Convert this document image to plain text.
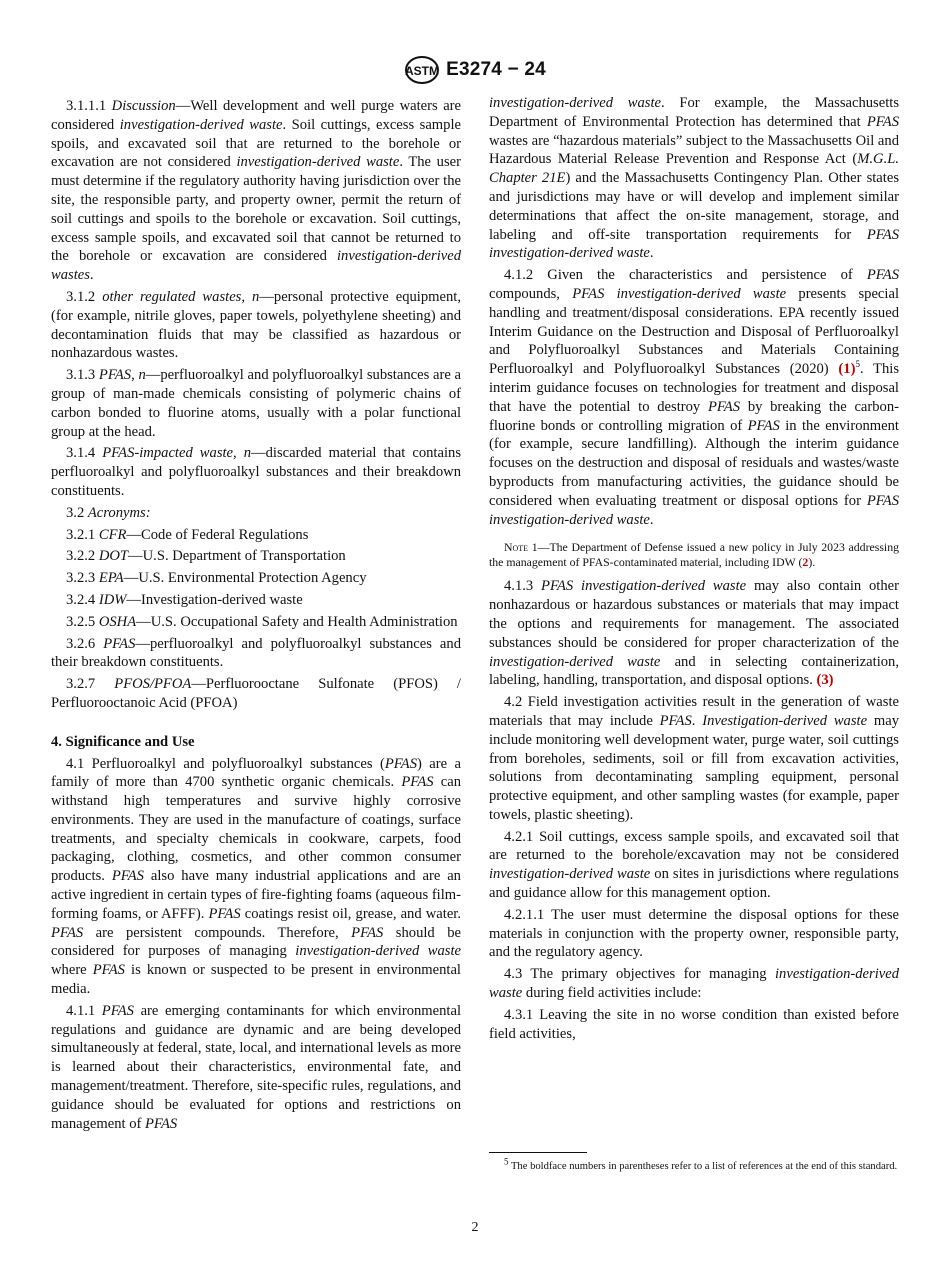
ASTM E3274 − 24

3.1.1.1 Discussion—Well development and well purge waters are considered investigation-derived waste. Soil cuttings, excess sample spoils, and excavated soil that are returned to the borehole or excavation are not considered investigation-derived waste. The user must determine if the regulatory authority having jurisdiction over the site, the responsible party, and property owner, permit the return of soil cuttings and spoils to the borehole or excavation. Soil cuttings, excess sample spoils, and excavated soil that cannot be returned to the borehole or excavation are considered investigation-derived wastes.

3.1.2 other regulated wastes, n—personal protective equipment, (for example, nitrile gloves, paper towels, polyethylene sheeting) and decontamination fluids that may be classified as hazardous or nonhazardous wastes.

3.1.3 PFAS, n—perfluoroalkyl and polyfluoroalkyl substances are a group of man-made chemicals consisting of polymeric chains of carbon bonded to fluorine atoms, usually with a polar functional group at the head.

3.1.4 PFAS-impacted waste, n—discarded material that contains perfluoroalkyl and polyfluoroalkyl substances and their breakdown constituents.

3.2 Acronyms:

3.2.1 CFR—Code of Federal Regulations

3.2.2 DOT—U.S. Department of Transportation

3.2.3 EPA—U.S. Environmental Protection Agency

3.2.4 IDW—Investigation-derived waste

3.2.5 OSHA—U.S. Occupational Safety and Health Administration

3.2.6 PFAS—perfluoroalkyl and polyfluoroalkyl substances and their breakdown constituents.

3.2.7 PFOS/PFOA—Perfluorooctane Sulfonate (PFOS) / Perfluorooctanoic Acid (PFOA)

4. Significance and Use

4.1 Perfluoroalkyl and polyfluoroalkyl substances (PFAS) are a family of more than 4700 synthetic organic chemicals. PFAS can withstand high temperatures and survive highly corrosive environments. They are used in the manufacture of coatings, surface treatments, and specialty chemicals in cookware, carpets, food packaging, clothing, cosmetics, and other common consumer products. PFAS also have many industrial applications and are an active ingredient in certain types of fire-fighting foams (aqueous film-forming foams, or AFFF). PFAS coatings resist oil, grease, and water. PFAS are persistent compounds. Therefore, PFAS should be considered for purposes of managing investigation-derived waste where PFAS is known or suspected to be present in environmental media.

4.1.1 PFAS are emerging contaminants for which environmental regulations and guidance are dynamic and are being developed simultaneously at federal, state, local, and international levels as more is learned about their characteristics, environmental fate, and management/treatment. Therefore, site-specific rules, regulations, and guidance should be evaluated for options and restrictions on management of PFAS

investigation-derived waste. For example, the Massachusetts Department of Environmental Protection has determined that PFAS wastes are “hazardous materials” subject to the Massachusetts Oil and Hazardous Material Release Prevention and Response Act (M.G.L. Chapter 21E) and the Massachusetts Contingency Plan. Other states and jurisdictions may have or will develop and implement similar determinations that affect the on-site management, storage, and labeling and off-site transportation requirements for PFAS investigation-derived waste.

4.1.2 Given the characteristics and persistence of PFAS compounds, PFAS investigation-derived waste presents special handling and treatment/disposal considerations. EPA recently issued Interim Guidance on the Destruction and Disposal of Perfluoroalkyl and Polyfluoroalkyl Substances and Materials Containing Perfluoroalkyl and Polyfluoroalkyl Substances (2020) $(1)^5$. This interim guidance focuses on technologies for treatment and disposal that have the potential to destroy PFAS by breaking the carbon-fluorine bonds or controlling migration of PFAS in the environment (for example, secure landfilling). Although the interim guidance focuses on the destruction and disposal of residuals and wastes/waste byproducts from manufacturing activities, the guidance should be considered when evaluating treatment or disposal options for PFAS investigation-derived waste.

Note 1—The Department of Defense issued a new policy in July 2023 addressing the management of PFAS-contaminated material, including IDW (2).

4.1.3 PFAS investigation-derived waste may also contain other nonhazardous or hazardous substances or materials that may impact the options and requirements for management. The associated substances should be considered for proper characterization of the investigation-derived waste and in selecting containerization, labeling, handling, transportation, and disposal options. (3)

4.2 Field investigation activities result in the generation of waste materials that may include PFAS. Investigation-derived waste may include monitoring well development water, purge water, soil cuttings from boreholes, sediments, soil or fill from excavation activities, solutions from decontaminating sampling equipment, personal protective equipment, and other sampling wastes (for example, paper towels, plastic sheeting).

4.2.1 Soil cuttings, excess sample spoils, and excavated soil that are returned to the borehole/excavation may not be considered investigation-derived waste on sites in jurisdictions where regulations and guidance allow for this management option.

4.2.1.1 The user must determine the disposal options for these materials in conjunction with the property owner, responsible party, and the regulatory agency.

4.3 The primary objectives for managing investigation-derived waste during field activities include:

4.3.1 Leaving the site in no worse condition than existed before field activities,

$^5$ The boldface numbers in parentheses refer to a list of references at the end of this standard.
2
